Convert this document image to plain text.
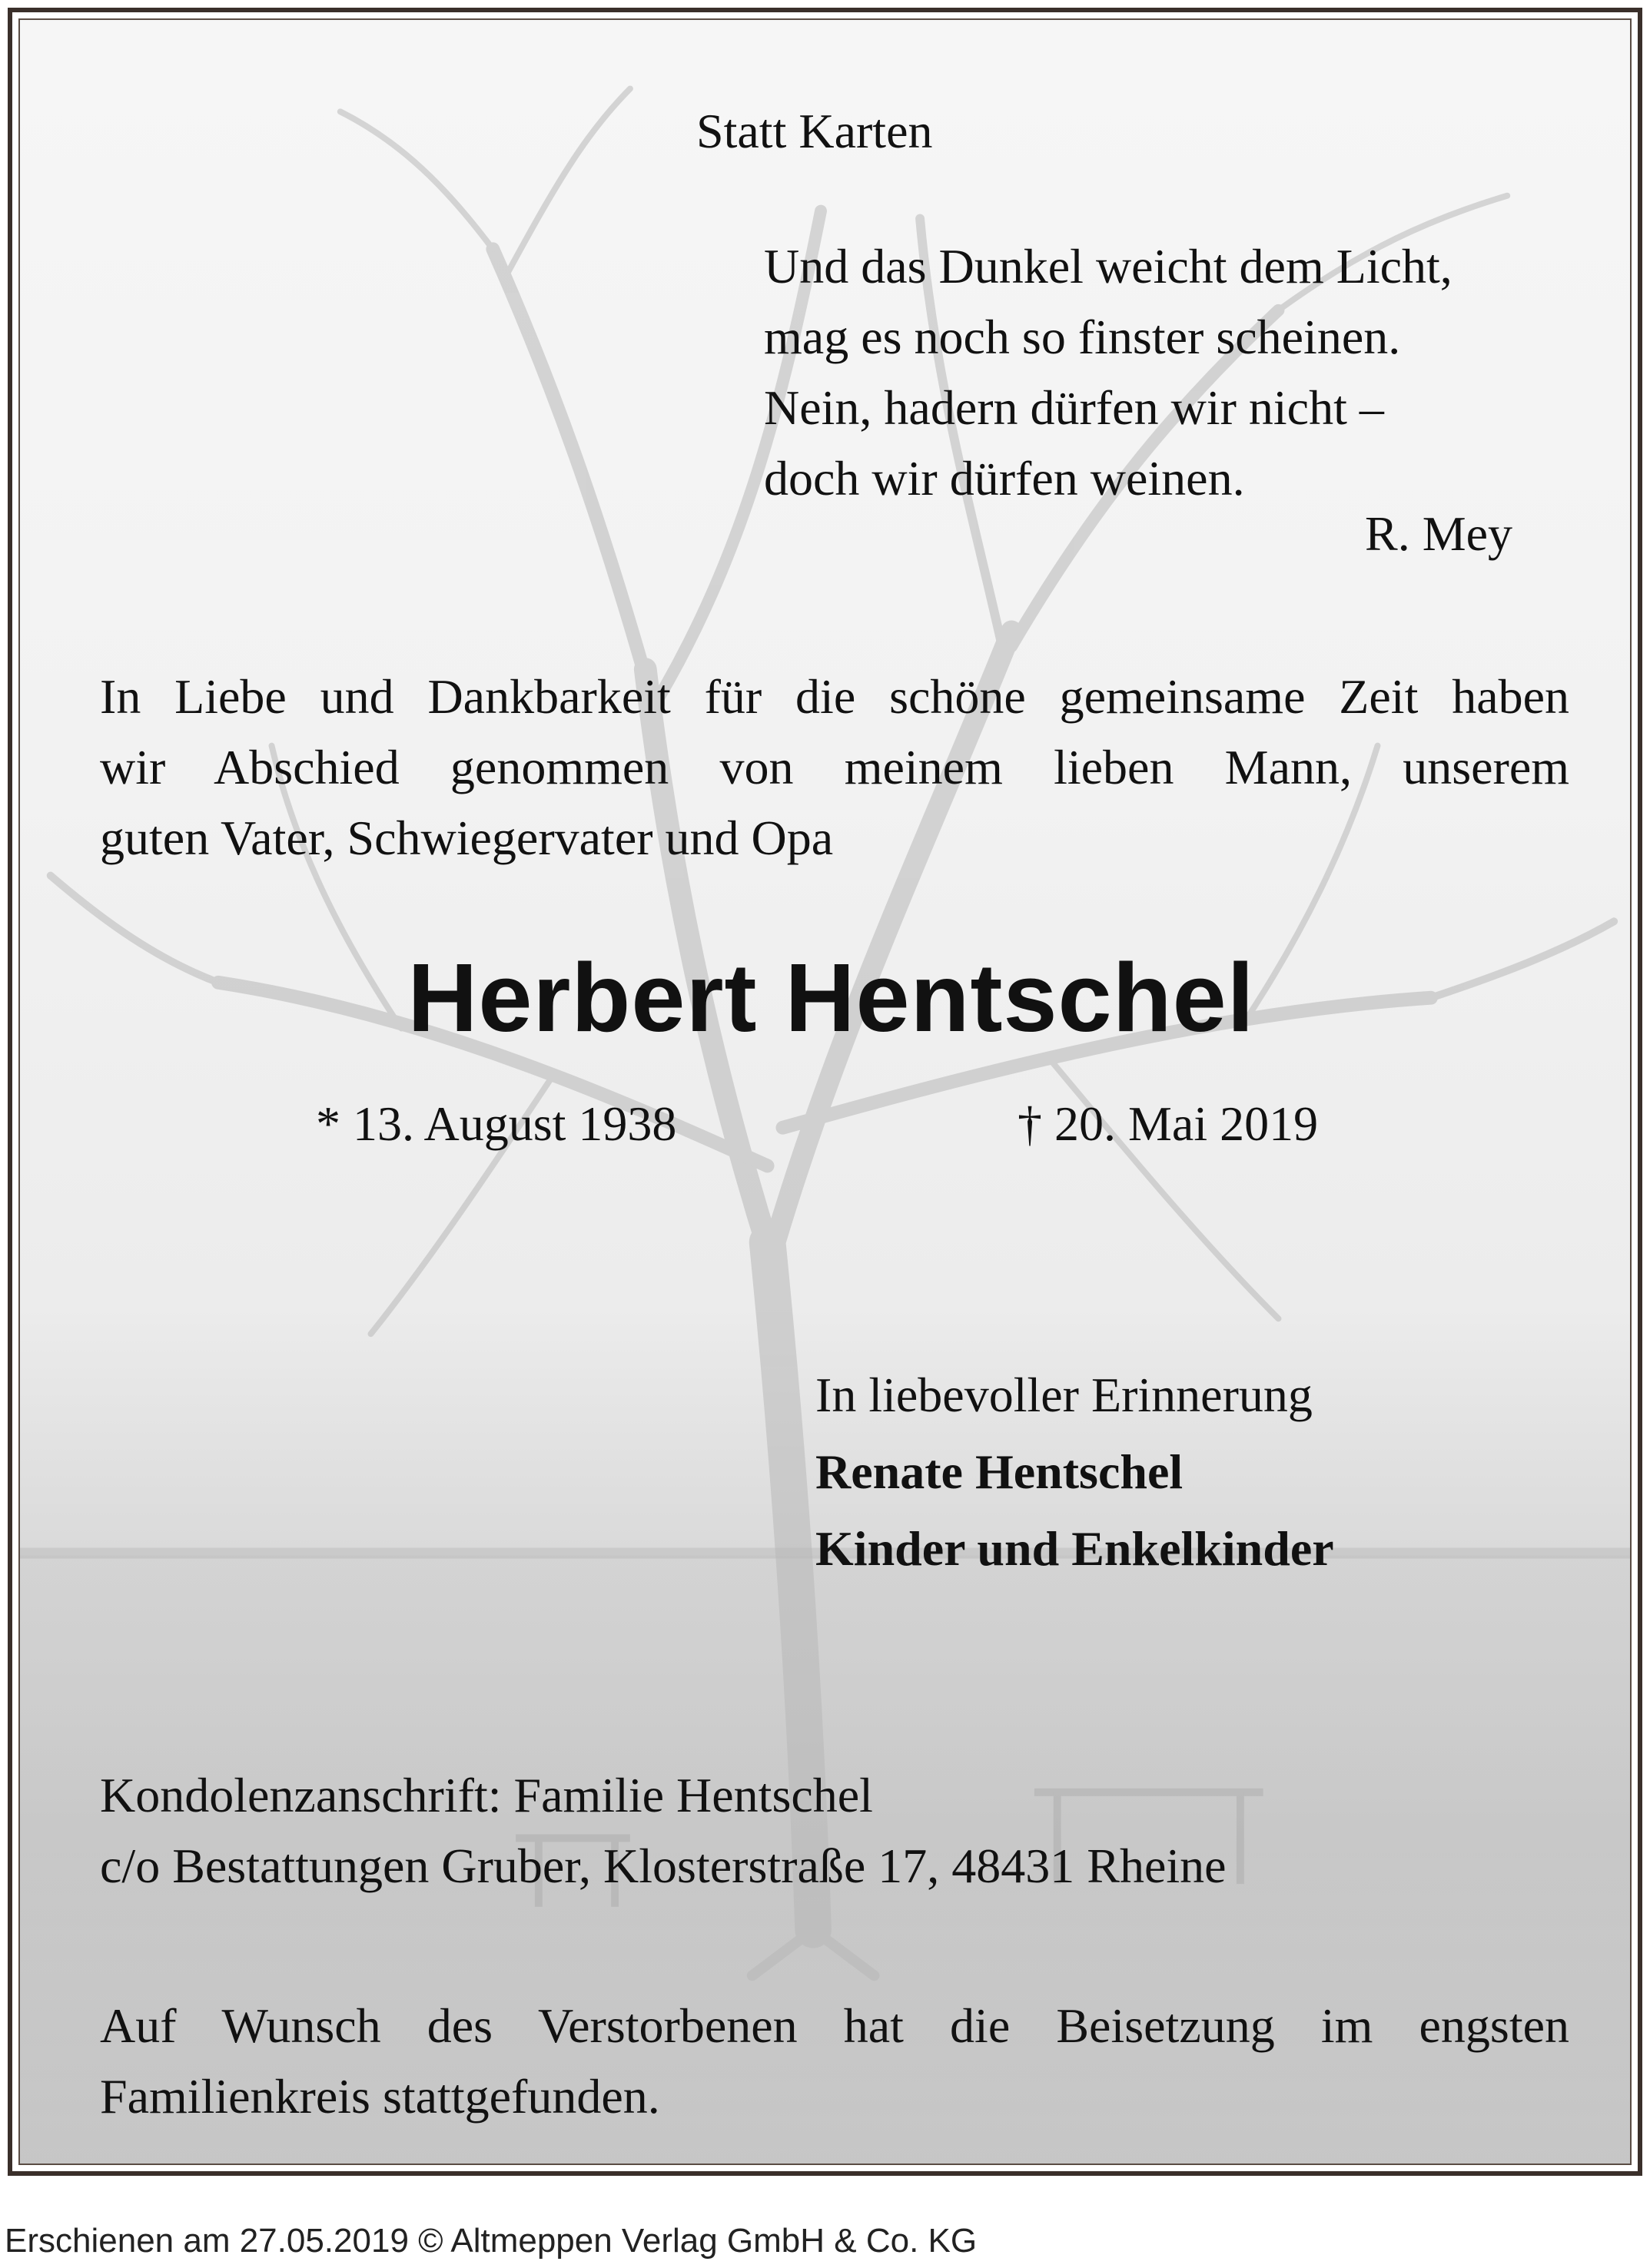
Statt Karten

Und das Dunkel weicht dem Licht,
mag es noch so finster scheinen.
Nein, hadern dürfen wir nicht –
doch wir dürfen weinen.

R. Mey

In Liebe und Dankbarkeit für die schöne gemeinsame Zeit haben
wir Abschied genommen von meinem lieben Mann, unserem
guten Vater, Schwiegervater und Opa

Herbert Hentschel

* 13. August 1938	† 20. Mai 2019

In liebevoller Erinnerung
Renate Hentschel
Kinder und Enkelkinder
Kondolenzanschrift: Familie Hentschel
c/o Bestattungen Gruber, Klosterstraße 17, 48431 Rheine
Auf Wunsch des Verstorbenen hat die Beisetzung im engsten
Familienkreis stattgefunden.
Erschienen am 27.05.2019 © Altmeppen Verlag GmbH & Co. KG
